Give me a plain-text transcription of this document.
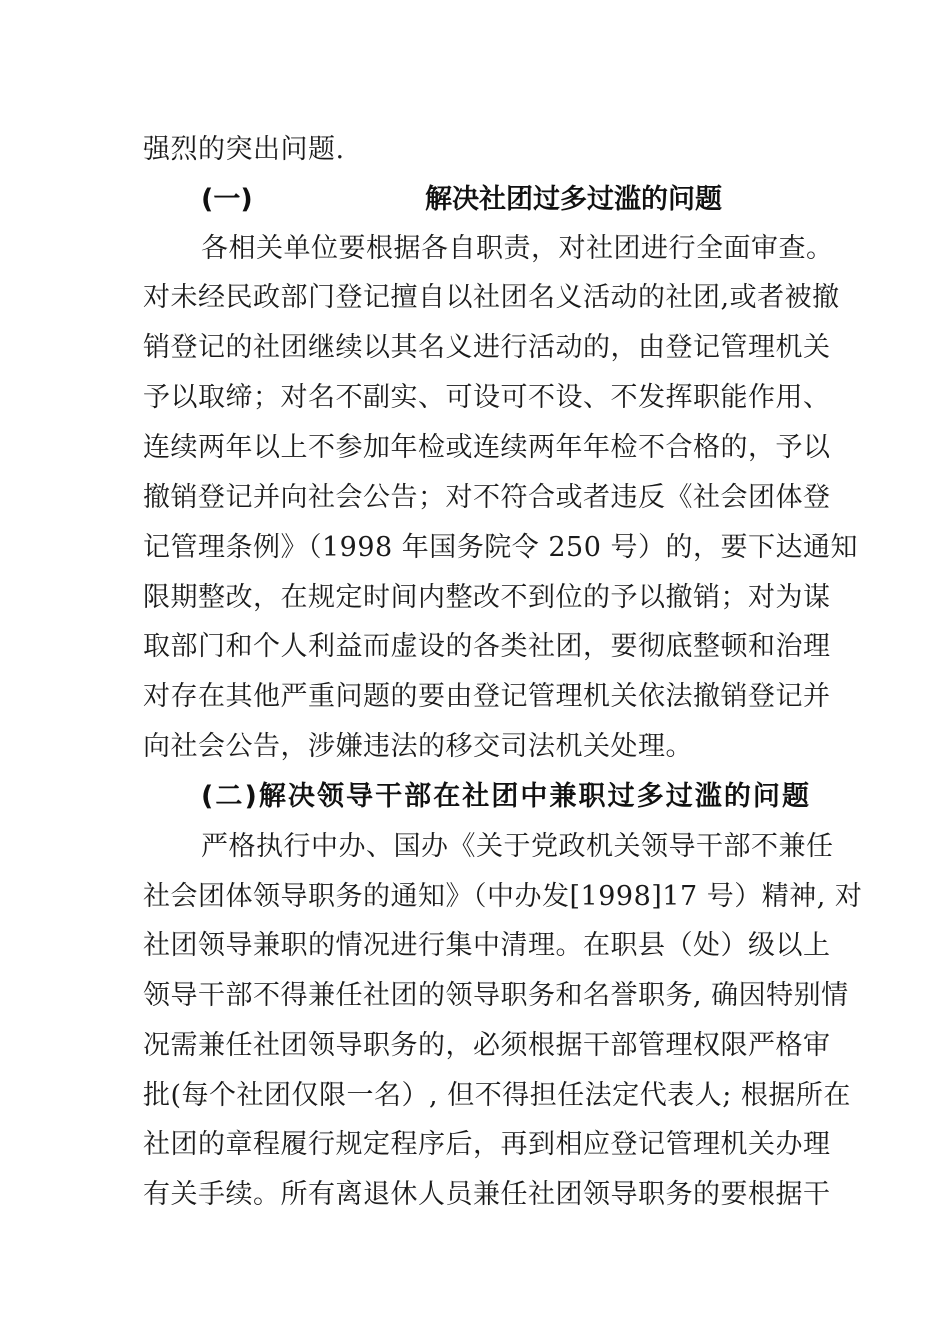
强烈的突出问题.
(一)	解决社团过多过滥的问题
各相关单位要根据各自职责，对社团进行全面审查。
对未经民政部门登记擅自以社团名义活动的社团,或者被撤
销登记的社团继续以其名义进行活动的，由登记管理机关
予以取缔；对名不副实、可设可不设、不发挥职能作用、
连续两年以上不参加年检或连续两年年检不合格的，予以
撤销登记并向社会公告；对不符合或者违反《社会团体登
记管理条例》（1998 年国务院令 250 号）的，要下达通知
限期整改，在规定时间内整改不到位的予以撤销；对为谋
取部门和个人利益而虚设的各类社团，要彻底整顿和治理
对存在其他严重问题的要由登记管理机关依法撤销登记并
向社会公告，涉嫌违法的移交司法机关处理。
(二)解决领导干部在社团中兼职过多过滥的问题
严格执行中办、国办《关于党政机关领导干部不兼任
社会团体领导职务的通知》（中办发[1998]17 号）精神, 对
社团领导兼职的情况进行集中清理。在职县（处）级以上
领导干部不得兼任社团的领导职务和名誉职务, 确因特别情
况需兼任社团领导职务的，必须根据干部管理权限严格审
批(每个社团仅限一名）, 但不得担任法定代表人; 根据所在
社团的章程履行规定程序后，再到相应登记管理机关办理
有关手续。所有离退休人员兼任社团领导职务的要根据干
